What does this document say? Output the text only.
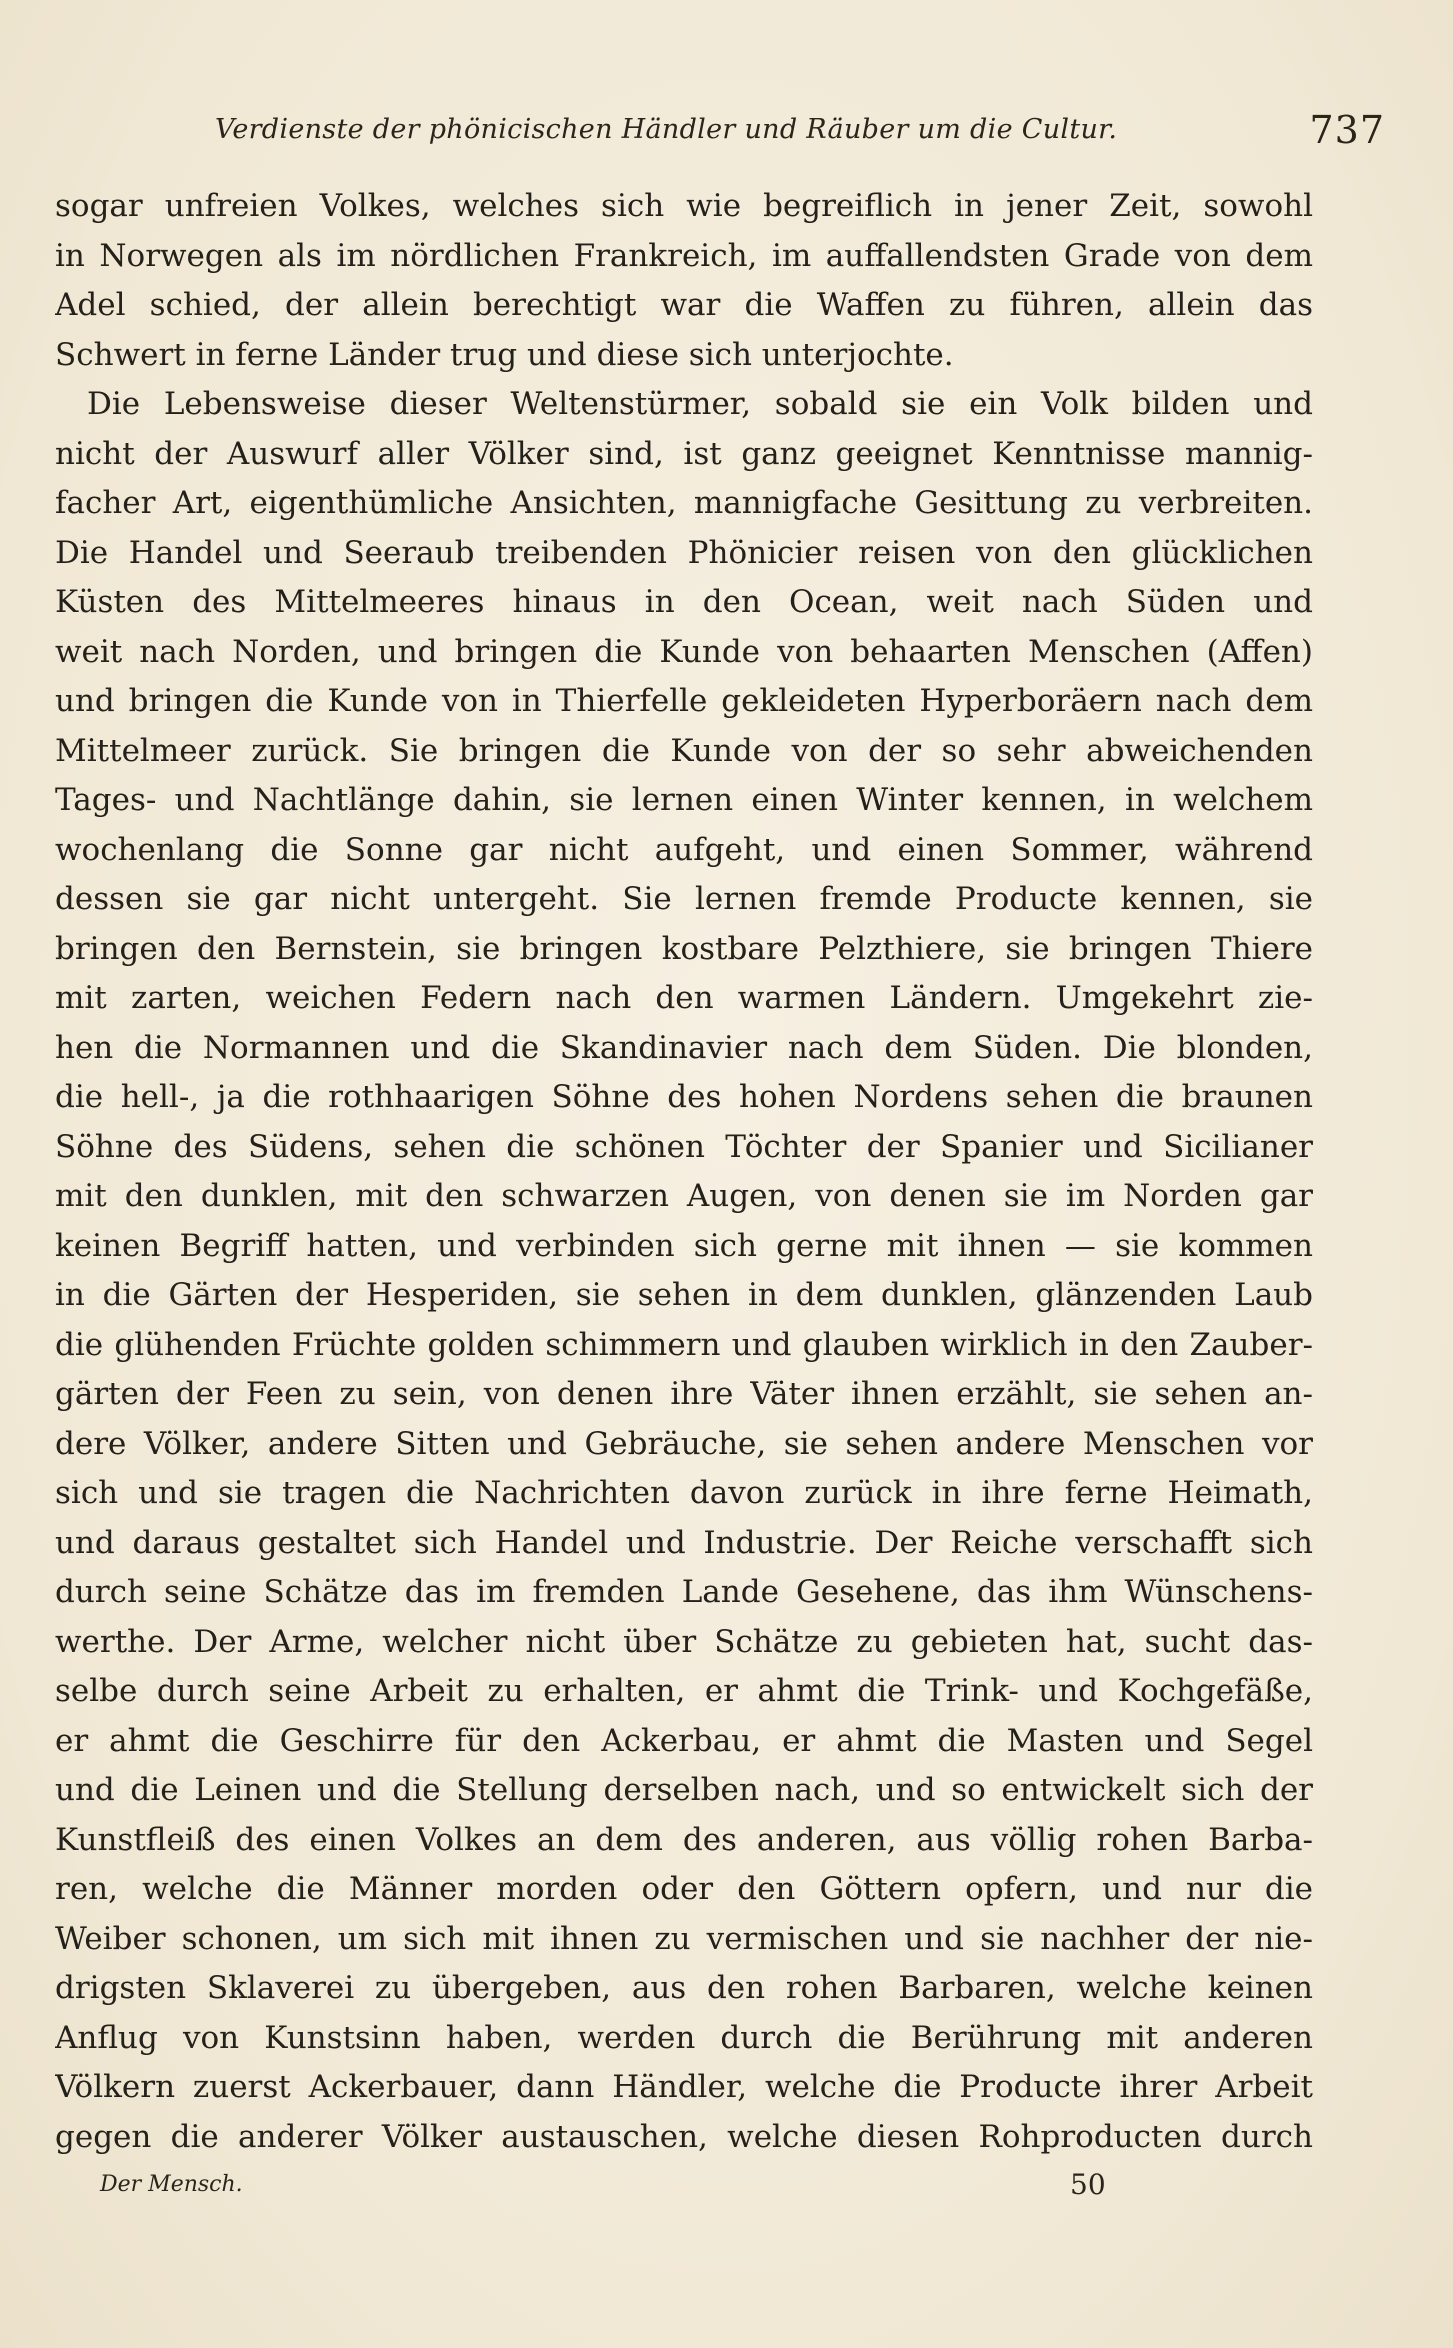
Verdienste der phönicischen Händler und Räuber um die Cultur.	737
sogar unfreien Volkes, welches sich wie begreiflich in jener Zeit, sowohl
in Norwegen als im nördlichen Frankreich, im auffallendsten Grade von dem
Adel schied, der allein berechtigt war die Waffen zu führen, allein das
Schwert in ferne Länder trug und diese sich unterjochte.
Die Lebensweise dieser Weltenstürmer, sobald sie ein Volk bilden und
nicht der Auswurf aller Völker sind, ist ganz geeignet Kenntnisse mannig-
facher Art, eigenthümliche Ansichten, mannigfache Gesittung zu verbreiten.
Die Handel und Seeraub treibenden Phönicier reisen von den glücklichen
Küsten des Mittelmeeres hinaus in den Ocean, weit nach Süden und
weit nach Norden, und bringen die Kunde von behaarten Menschen (Affen)
und bringen die Kunde von in Thierfelle gekleideten Hyperboräern nach dem
Mittelmeer zurück. Sie bringen die Kunde von der so sehr abweichenden
Tages- und Nachtlänge dahin, sie lernen einen Winter kennen, in welchem
wochenlang die Sonne gar nicht aufgeht, und einen Sommer, während
dessen sie gar nicht untergeht. Sie lernen fremde Producte kennen, sie
bringen den Bernstein, sie bringen kostbare Pelzthiere, sie bringen Thiere
mit zarten, weichen Federn nach den warmen Ländern. Umgekehrt zie-
hen die Normannen und die Skandinavier nach dem Süden. Die blonden,
die hell-, ja die rothhaarigen Söhne des hohen Nordens sehen die braunen
Söhne des Südens, sehen die schönen Töchter der Spanier und Sicilianer
mit den dunklen, mit den schwarzen Augen, von denen sie im Norden gar
keinen Begriff hatten, und verbinden sich gerne mit ihnen — sie kommen
in die Gärten der Hesperiden, sie sehen in dem dunklen, glänzenden Laub
die glühenden Früchte golden schimmern und glauben wirklich in den Zauber-
gärten der Feen zu sein, von denen ihre Väter ihnen erzählt, sie sehen an-
dere Völker, andere Sitten und Gebräuche, sie sehen andere Menschen vor
sich und sie tragen die Nachrichten davon zurück in ihre ferne Heimath,
und daraus gestaltet sich Handel und Industrie. Der Reiche verschafft sich
durch seine Schätze das im fremden Lande Gesehene, das ihm Wünschens-
werthe. Der Arme, welcher nicht über Schätze zu gebieten hat, sucht das-
selbe durch seine Arbeit zu erhalten, er ahmt die Trink- und Kochgefäße,
er ahmt die Geschirre für den Ackerbau, er ahmt die Masten und Segel
und die Leinen und die Stellung derselben nach, und so entwickelt sich der
Kunstfleiß des einen Volkes an dem des anderen, aus völlig rohen Barba-
ren, welche die Männer morden oder den Göttern opfern, und nur die
Weiber schonen, um sich mit ihnen zu vermischen und sie nachher der nie-
drigsten Sklaverei zu übergeben, aus den rohen Barbaren, welche keinen
Anflug von Kunstsinn haben, werden durch die Berührung mit anderen
Völkern zuerst Ackerbauer, dann Händler, welche die Producte ihrer Arbeit
gegen die anderer Völker austauschen, welche diesen Rohproducten durch
Der Mensch.	50
